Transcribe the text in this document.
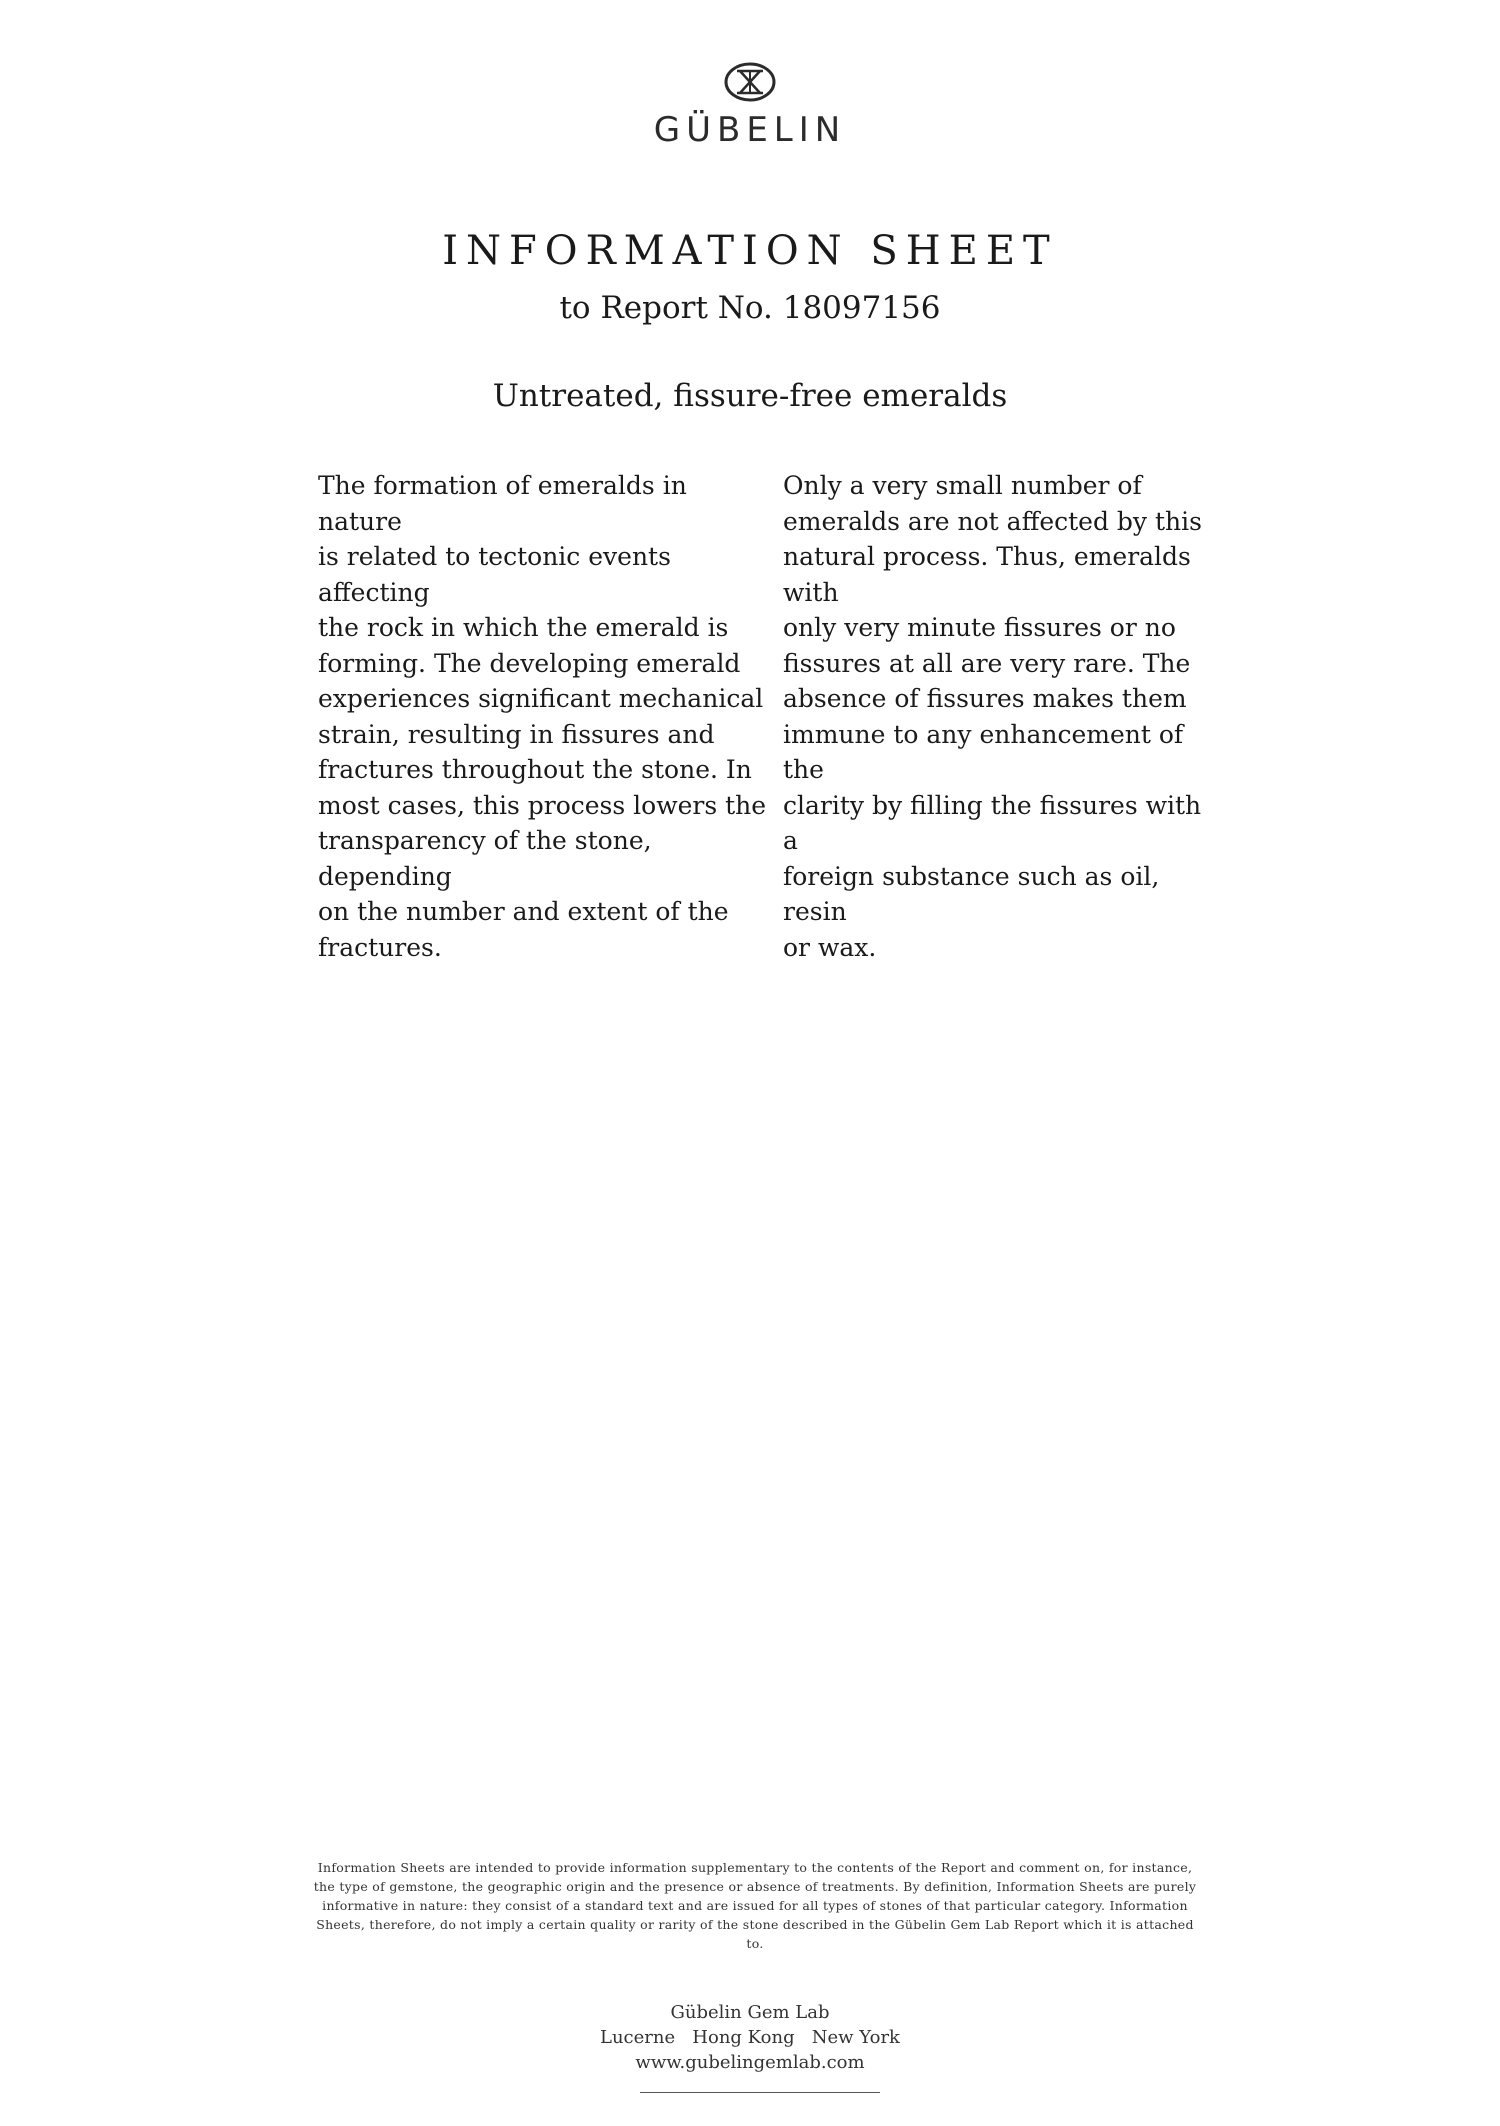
GÜBELIN
INFORMATION SHEET
to Report No. 18097156
Untreated, fissure-free emeralds
The formation of emeralds in nature
is related to tectonic events affecting
the rock in which the emerald is
forming. The developing emerald
experiences significant mechanical
strain, resulting in fissures and
fractures throughout the stone. In
most cases, this process lowers the
transparency of the stone, depending
on the number and extent of the
fractures.
Only a very small number of
emeralds are not affected by this
natural process. Thus, emeralds with
only very minute fissures or no
fissures at all are very rare. The
absence of fissures makes them
immune to any enhancement of the
clarity by filling the fissures with a
foreign substance such as oil, resin
or wax.
Information Sheets are intended to provide information supplementary to the contents of the Report and comment on, for instance, the type of gemstone, the geographic origin and the presence or absence of treatments. By definition, Information Sheets are purely informative in nature: they consist of a standard text and are issued for all types of stones of that particular category. Information Sheets, therefore, do not imply a certain quality or rarity of the stone described in the Gübelin Gem Lab Report which it is attached to.
Gübelin Gem Lab
Lucerne   Hong Kong   New York
www.gubelingemlab.com
